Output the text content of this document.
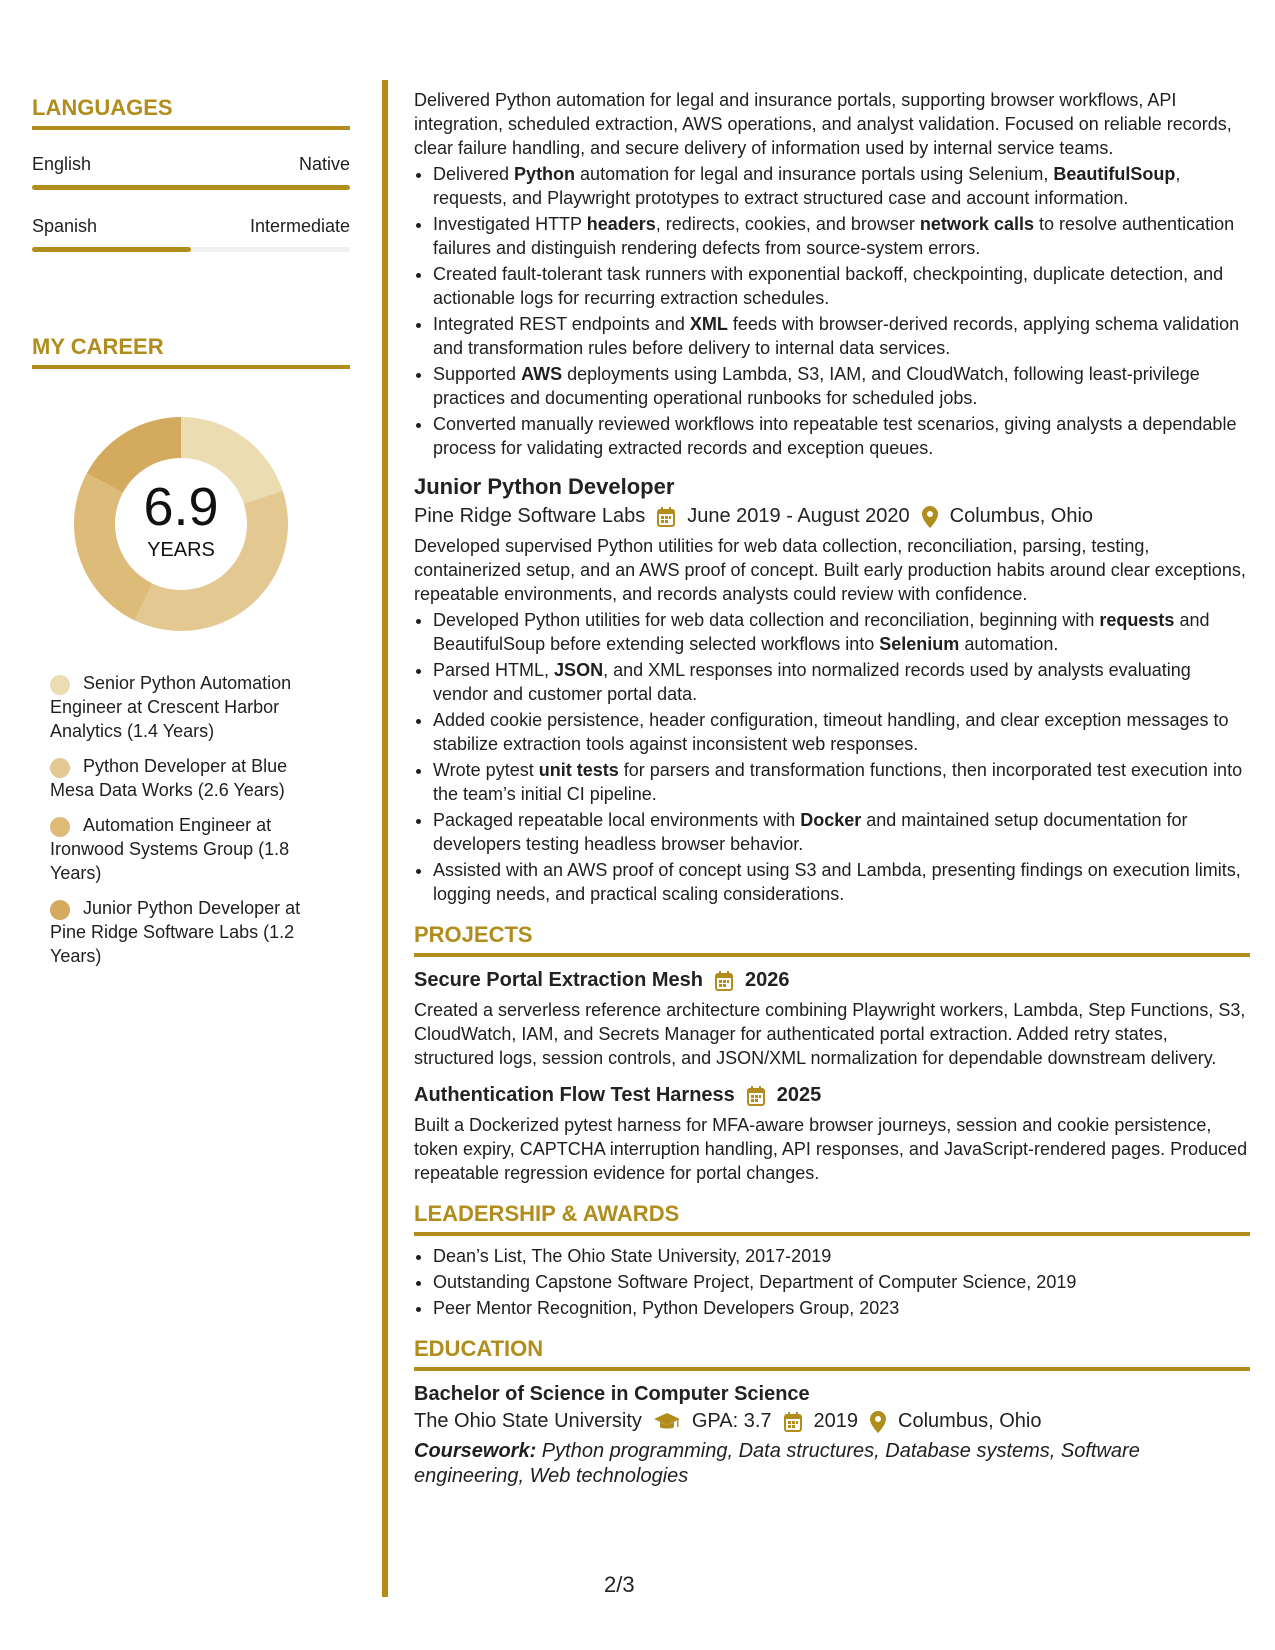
LANGUAGES
English	Native
Spanish	Intermediate
MY CAREER
6.9
YEARS
Senior Python Automation Engineer at Crescent Harbor Analytics (1.4 Years)
Python Developer at Blue Mesa Data Works (2.6 Years)
Automation Engineer at Ironwood Systems Group (1.8 Years)
Junior Python Developer at Pine Ridge Software Labs (1.2 Years)
Delivered Python automation for legal and insurance portals, supporting browser workflows, API integration, scheduled extraction, AWS operations, and analyst validation. Focused on reliable records, clear failure handling, and secure delivery of information used by internal service teams.
• Delivered Python automation for legal and insurance portals using Selenium, BeautifulSoup, requests, and Playwright prototypes to extract structured case and account information.
• Investigated HTTP headers, redirects, cookies, and browser network calls to resolve authentication failures and distinguish rendering defects from source-system errors.
• Created fault-tolerant task runners with exponential backoff, checkpointing, duplicate detection, and actionable logs for recurring extraction schedules.
• Integrated REST endpoints and XML feeds with browser-derived records, applying schema validation and transformation rules before delivery to internal data services.
• Supported AWS deployments using Lambda, S3, IAM, and CloudWatch, following least-privilege practices and documenting operational runbooks for scheduled jobs.
• Converted manually reviewed workflows into repeatable test scenarios, giving analysts a dependable process for validating extracted records and exception queues.
Junior Python Developer
Pine Ridge Software Labs June 2019 - August 2020 Columbus, Ohio
Developed supervised Python utilities for web data collection, reconciliation, parsing, testing, containerized setup, and an AWS proof of concept. Built early production habits around clear exceptions, repeatable environments, and records analysts could review with confidence.
• Developed Python utilities for web data collection and reconciliation, beginning with requests and BeautifulSoup before extending selected workflows into Selenium automation.
• Parsed HTML, JSON, and XML responses into normalized records used by analysts evaluating vendor and customer portal data.
• Added cookie persistence, header configuration, timeout handling, and clear exception messages to stabilize extraction tools against inconsistent web responses.
• Wrote pytest unit tests for parsers and transformation functions, then incorporated test execution into the team’s initial CI pipeline.
• Packaged repeatable local environments with Docker and maintained setup documentation for developers testing headless browser behavior.
• Assisted with an AWS proof of concept using S3 and Lambda, presenting findings on execution limits, logging needs, and practical scaling considerations.
PROJECTS
Secure Portal Extraction Mesh 2026
Created a serverless reference architecture combining Playwright workers, Lambda, Step Functions, S3, CloudWatch, IAM, and Secrets Manager for authenticated portal extraction. Added retry states, structured logs, session controls, and JSON/XML normalization for dependable downstream delivery.
Authentication Flow Test Harness 2025
Built a Dockerized pytest harness for MFA-aware browser journeys, session and cookie persistence, token expiry, CAPTCHA interruption handling, API responses, and JavaScript-rendered pages. Produced repeatable regression evidence for portal changes.
LEADERSHIP & AWARDS
• Dean’s List, The Ohio State University, 2017-2019
• Outstanding Capstone Software Project, Department of Computer Science, 2019
• Peer Mentor Recognition, Python Developers Group, 2023
EDUCATION
Bachelor of Science in Computer Science
The Ohio State University	GPA: 3.7 2019 Columbus, Ohio
Coursework: Python programming, Data structures, Database systems, Software engineering, Web technologies
2/3
